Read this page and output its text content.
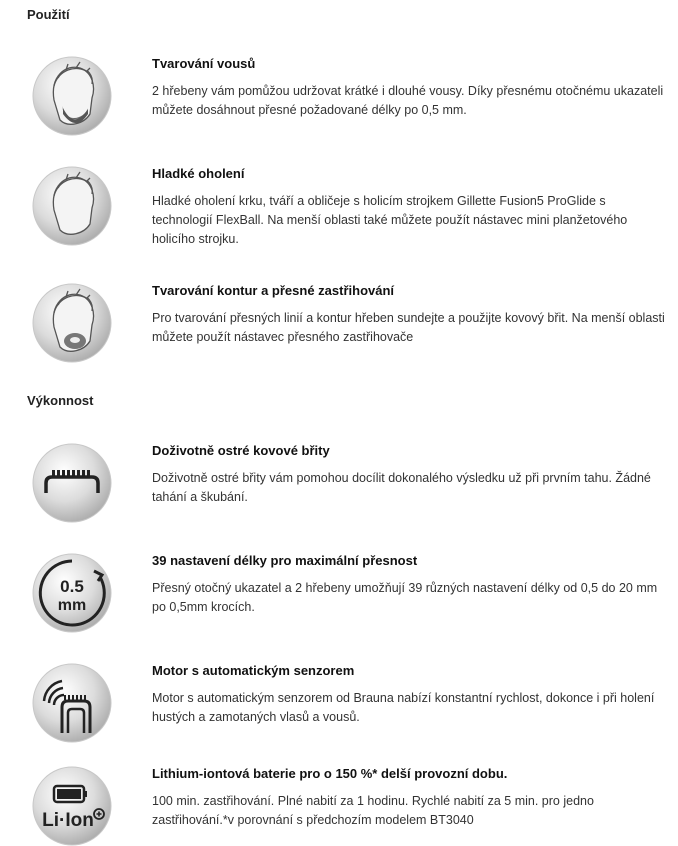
Použití
Tvarování vousů

2 hřebeny vám pomůžou udržovat krátké i dlouhé vousy. Díky přesnému otočnému ukazateli můžete dosáhnout přesné požadované délky po 0,5 mm.

Hladké oholení

Hladké oholení krku, tváří a obličeje s holicím strojkem Gillette Fusion5 ProGlide s technologií FlexBall. Na menší oblasti také můžete použít nástavec mini planžetového holicího strojku.

Tvarování kontur a přesné zastřihování

Pro tvarování přesných linií a kontur hřeben sundejte a použijte kovový břit. Na menší oblasti můžete použít nástavec přesného zastřihovače

Výkonnost
Doživotně ostré kovové břity

Doživotně ostré břity vám pomohou docílit dokonalého výsledku už při prvním tahu. Žádné tahání a škubání.

0.5
mm
39 nastavení délky pro maximální přesnost

Přesný otočný ukazatel a 2 hřebeny umožňují 39 různých nastavení délky od 0,5 do 20 mm po 0,5mm krocích.

Motor s automatickým senzorem

Motor s automatickým senzorem od Brauna nabízí konstantní rychlost, dokonce i při holení hustých a zamotaných vlasů a vousů.

Li·Ion
Lithium-iontová baterie pro o 150 %* delší provozní dobu.

100 min. zastřihování. Plné nabití za 1 hodinu. Rychlé nabití za 5 min. pro jedno zastřihování.*v porovnání s předchozím modelem BT3040
